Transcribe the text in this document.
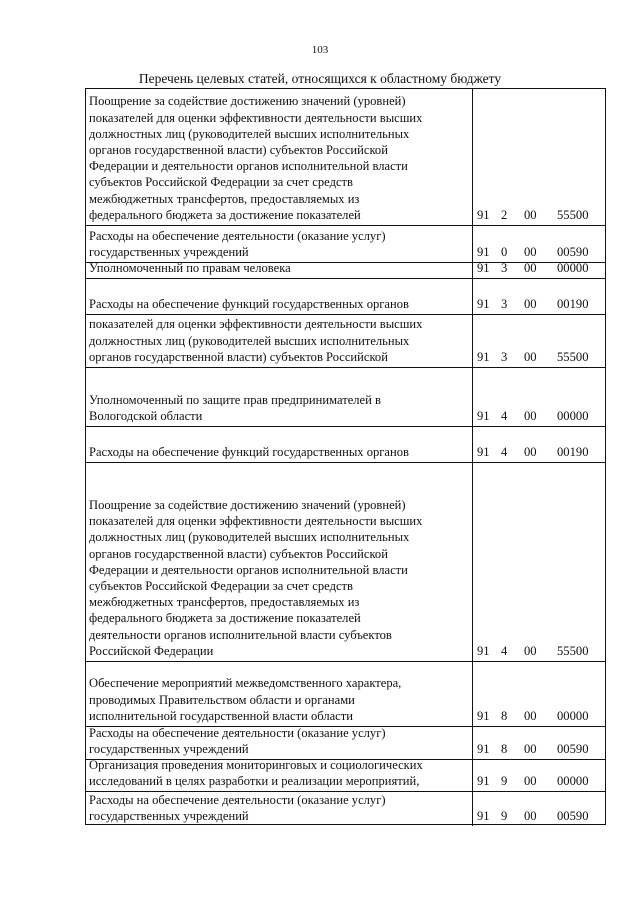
103
Перечень целевых статей, относящихся к областному бюджету
Поощрение за содействие достижению значений (уровней)
показателей для оценки эффективности деятельности высших
должностных лиц (руководителей высших исполнительных
органов государственной власти) субъектов Российской
Федерации и деятельности органов исполнительной власти
субъектов Российской Федерации за счет средств
межбюджетных трансфертов, предоставляемых из
федерального бюджета за достижение показателей	91 2 00 55500
Расходы на обеспечение деятельности (оказание услуг)
государственных учреждений	91 0 00 00590
Уполномоченный по правам человека	91 3 00 00000
Расходы на обеспечение функций государственных органов	91 3 00 00190
показателей для оценки эффективности деятельности высших
должностных лиц (руководителей высших исполнительных
органов государственной власти) субъектов Российской	91 3 00 55500
Уполномоченный по защите прав предпринимателей в
Вологодской области	91 4 00 00000
Расходы на обеспечение функций государственных органов	91 4 00 00190
Поощрение за содействие достижению значений (уровней)
показателей для оценки эффективности деятельности высших
должностных лиц (руководителей высших исполнительных
органов государственной власти) субъектов Российской
Федерации и деятельности органов исполнительной власти
субъектов Российской Федерации за счет средств
межбюджетных трансфертов, предоставляемых из
федерального бюджета за достижение показателей
деятельности органов исполнительной власти субъектов
Российской Федерации	91 4 00 55500
Обеспечение мероприятий межведомственного характера,
проводимых Правительством области и органами
исполнительной государственной власти области	91 8 00 00000
Расходы на обеспечение деятельности (оказание услуг)
государственных учреждений	91 8 00 00590
Организация проведения мониторинговых и социологических
исследований в целях разработки и реализации мероприятий,	91 9 00 00000
Расходы на обеспечение деятельности (оказание услуг)
государственных учреждений	91 9 00 00590
